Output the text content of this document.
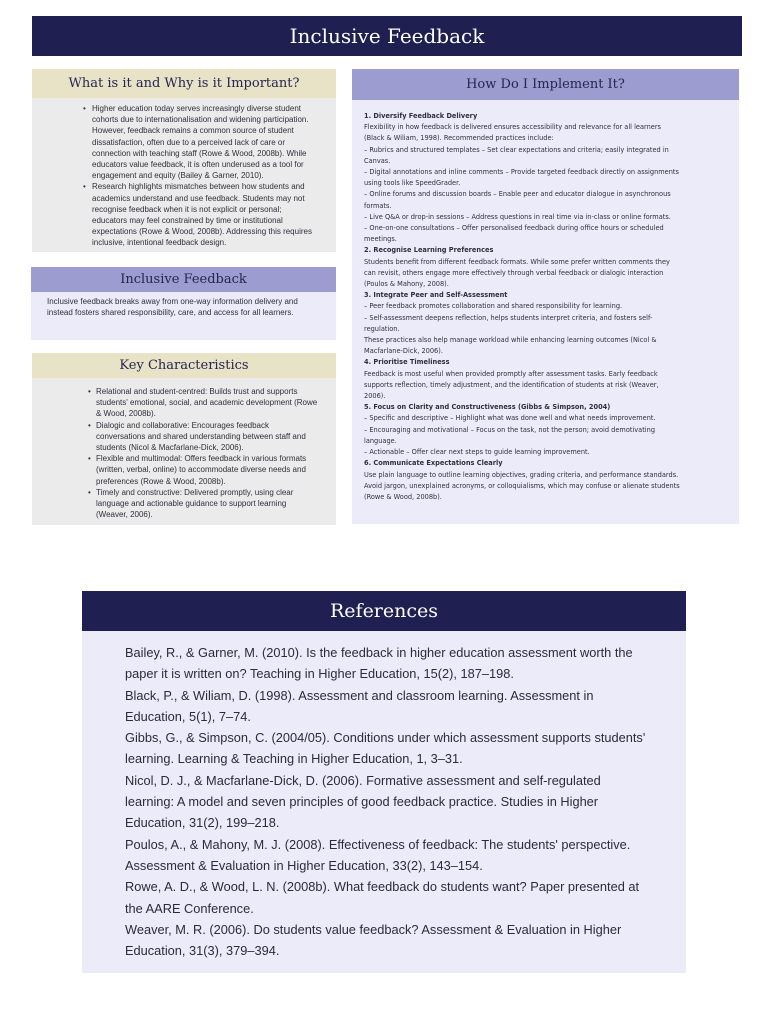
Inclusive Feedback
What is it and Why is it Important?
• Higher education today serves increasingly diverse student cohorts due to internationalisation and widening participation. However, feedback remains a common source of student dissatisfaction, often due to a perceived lack of care or connection with teaching staff (Rowe & Wood, 2008b). While educators value feedback, it is often underused as a tool for engagement and equity (Bailey & Garner, 2010).
• Research highlights mismatches between how students and academics understand and use feedback. Students may not recognise feedback when it is not explicit or personal; educators may feel constrained by time or institutional expectations (Rowe & Wood, 2008b). Addressing this requires inclusive, intentional feedback design.
Inclusive Feedback

Inclusive feedback breaks away from one-way information delivery and instead fosters shared responsibility, care, and access for all learners.

Key Characteristics
• Relational and student-centred: Builds trust and supports students' emotional, social, and academic development (Rowe & Wood, 2008b).
• Dialogic and collaborative: Encourages feedback conversations and shared understanding between staff and students (Nicol & Macfarlane-Dick, 2006).
• Flexible and multimodal: Offers feedback in various formats (written, verbal, online) to accommodate diverse needs and preferences (Rowe & Wood, 2008b).
• Timely and constructive: Delivered promptly, using clear language and actionable guidance to support learning (Weaver, 2006).
How Do I Implement It?
1. Diversify Feedback Delivery
Flexibility in how feedback is delivered ensures accessibility and relevance for all learners
(Black & Wiliam, 1998). Recommended practices include:
– Rubrics and structured templates – Set clear expectations and criteria; easily integrated in
Canvas.
– Digital annotations and inline comments – Provide targeted feedback directly on assignments
using tools like SpeedGrader.
– Online forums and discussion boards – Enable peer and educator dialogue in asynchronous
formats.
– Live Q&A or drop-in sessions – Address questions in real time via in-class or online formats.
– One-on-one consultations – Offer personalised feedback during office hours or scheduled
meetings.
2. Recognise Learning Preferences
Students benefit from different feedback formats. While some prefer written comments they
can revisit, others engage more effectively through verbal feedback or dialogic interaction
(Poulos & Mahony, 2008).
3. Integrate Peer and Self-Assessment
– Peer feedback promotes collaboration and shared responsibility for learning.
– Self-assessment deepens reflection, helps students interpret criteria, and fosters self-
regulation.
These practices also help manage workload while enhancing learning outcomes (Nicol &
Macfarlane-Dick, 2006).
4. Prioritise Timeliness
Feedback is most useful when provided promptly after assessment tasks. Early feedback
supports reflection, timely adjustment, and the identification of students at risk (Weaver,
2006).
5. Focus on Clarity and Constructiveness (Gibbs & Simpson, 2004)
– Specific and descriptive – Highlight what was done well and what needs improvement.
– Encouraging and motivational – Focus on the task, not the person; avoid demotivating
language.
– Actionable – Offer clear next steps to guide learning improvement.
6. Communicate Expectations Clearly
Use plain language to outline learning objectives, grading criteria, and performance standards.
Avoid jargon, unexplained acronyms, or colloquialisms, which may confuse or alienate students
(Rowe & Wood, 2008b).
References
Bailey, R., & Garner, M. (2010). Is the feedback in higher education assessment worth the paper it is written on? Teaching in Higher Education, 15(2), 187–198.
Black, P., & Wiliam, D. (1998). Assessment and classroom learning. Assessment in Education, 5(1), 7–74.
Gibbs, G., & Simpson, C. (2004/05). Conditions under which assessment supports students' learning. Learning & Teaching in Higher Education, 1, 3–31.
Nicol, D. J., & Macfarlane-Dick, D. (2006). Formative assessment and self-regulated learning: A model and seven principles of good feedback practice. Studies in Higher Education, 31(2), 199–218.
Poulos, A., & Mahony, M. J. (2008). Effectiveness of feedback: The students' perspective. Assessment & Evaluation in Higher Education, 33(2), 143–154.
Rowe, A. D., & Wood, L. N. (2008b). What feedback do students want? Paper presented at the AARE Conference.
Weaver, M. R. (2006). Do students value feedback? Assessment & Evaluation in Higher Education, 31(3), 379–394.
